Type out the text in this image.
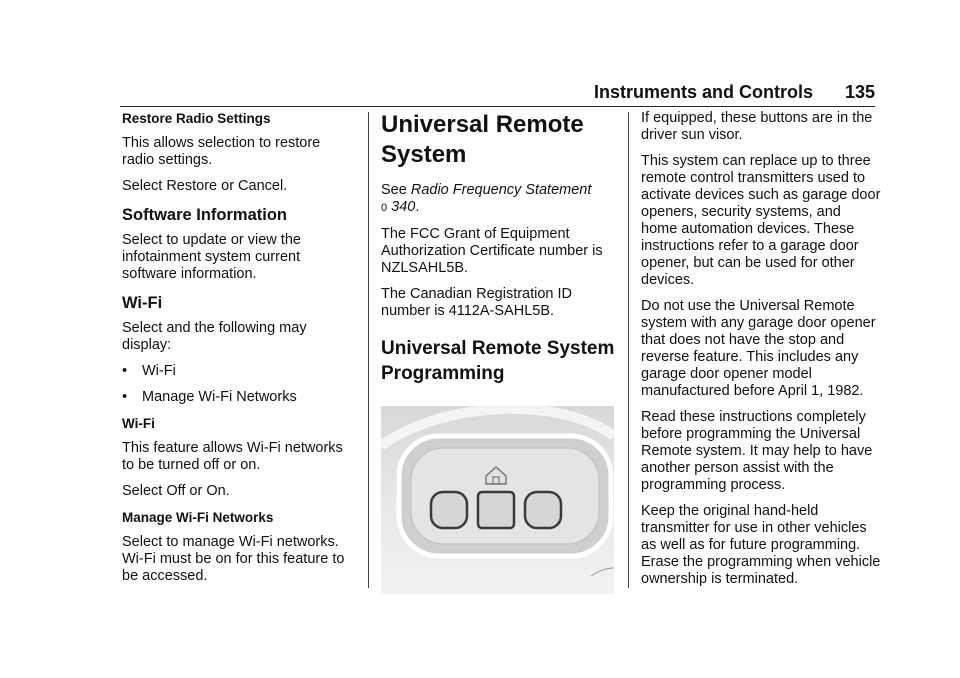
Instruments and Controls 135

Restore Radio Settings

This allows selection to restore radio settings.

Select Restore or Cancel.

Software Information

Select to update or view the infotainment system current software information.

Wi-Fi

Select and the following may display:

•	Wi-Fi
•	Manage Wi-Fi Networks

Wi-Fi

This feature allows Wi-Fi networks to be turned off or on.

Select Off or On.

Manage Wi-Fi Networks

Select to manage Wi-Fi networks. Wi-Fi must be on for this feature to be accessed.

Universal Remote System

See Radio Frequency Statement
0 340.

The FCC Grant of Equipment Authorization Certificate number is NZLSAHL5B.

The Canadian Registration ID number is 4112A-SAHL5B.

Universal Remote System Programming

If equipped, these buttons are in the driver sun visor.

This system can replace up to three remote control transmitters used to activate devices such as garage door openers, security systems, and home automation devices. These instructions refer to a garage door opener, but can be used for other devices.

Do not use the Universal Remote system with any garage door opener that does not have the stop and reverse feature. This includes any garage door opener model manufactured before April 1, 1982.

Read these instructions completely before programming the Universal Remote system. It may help to have another person assist with the programming process.

Keep the original hand-held transmitter for use in other vehicles as well as for future programming. Erase the programming when vehicle ownership is terminated.
